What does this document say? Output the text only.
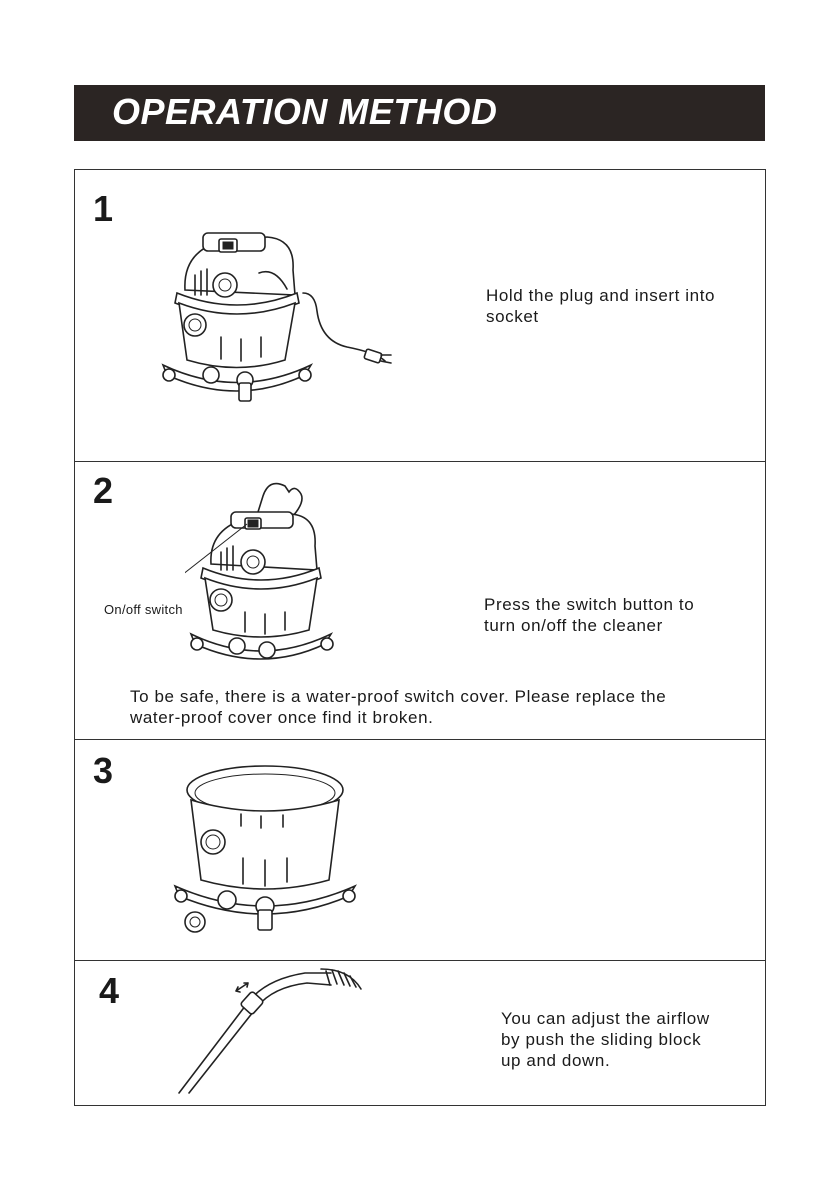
OPERATION METHOD
1
Hold the plug and insert into
socket
2
Press the switch button to
turn on/off the cleaner
On/off switch
To be safe, there is a water-proof switch cover. Please replace the
water-proof cover once find it broken.
3
4
You can adjust the airflow
by push the sliding block
up and down.
